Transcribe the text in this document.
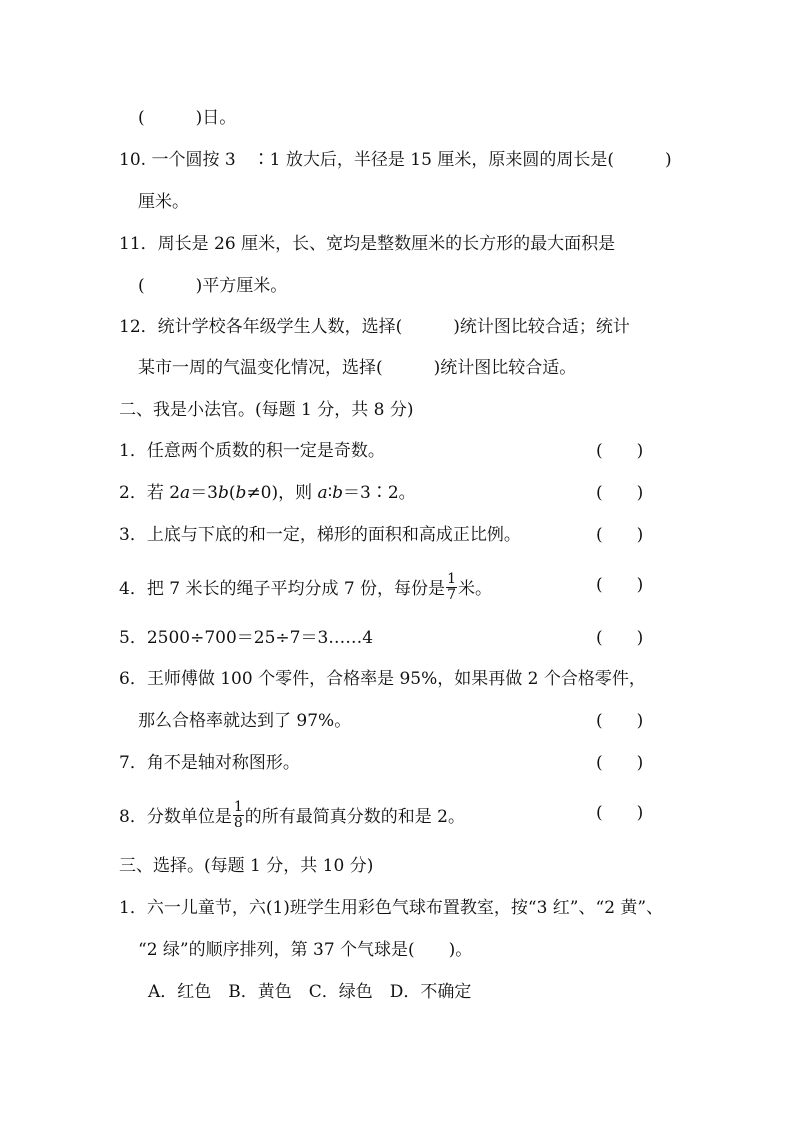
(　　　)日。
10. 一个圆按 3　∶1 放大后，半径是 15 厘米，原来圆的周长是(　　　)
厘米。
11．周长是 26 厘米，长、宽均是整数厘米的长方形的最大面积是
(　　　)平方厘米。
12．统计学校各年级学生人数，选择(　　　)统计图比较合适；统计
某市一周的气温变化情况，选择(　　　)统计图比较合适。
二、我是小法官。(每题 1 分，共 8 分)
1．任意两个质数的积一定是奇数。	(　　)
2．若 2a＝3b(b≠0)，则 a∶b＝3∶2。	(　　)
3．上底与下底的和一定，梯形的面积和高成正比例。	(　　)
4．把 7 米长的绳子平均分成 7 份，每份是 $\frac{1}{7}$ 米。	(　　)
5．2500÷700＝25÷7＝3……4	(　　)
6．王师傅做 100 个零件，合格率是 95%，如果再做 2 个合格零件，
那么合格率就达到了 97%。	(　　)
7．角不是轴对称图形。	(　　)
8．分数单位是 $\frac{1}{8}$ 的所有最简真分数的和是 2。	(　　)
三、选择。(每题 1 分，共 10 分)
1．六一儿童节，六(1)班学生用彩色气球布置教室，按“3 红”、“2 黄”、
“2 绿”的顺序排列，第 37 个气球是(　　)。
A．红色　B．黄色　C．绿色　D．不确定
